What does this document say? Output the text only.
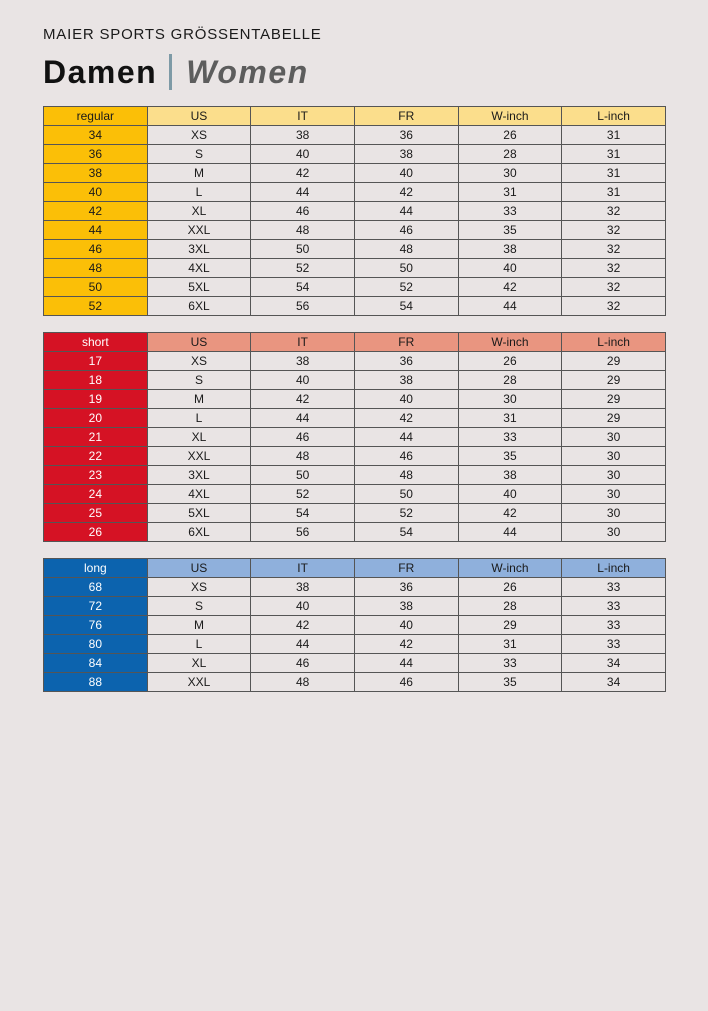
MAIER SPORTS GRÖSSENTABELLE
Damen Women
regular	US	IT	FR	W-inch	L-inch
34	XS	38	36	26	31
36	S	40	38	28	31
38	M	42	40	30	31
40	L	44	42	31	31
42	XL	46	44	33	32
44	XXL	48	46	35	32
46	3XL	50	48	38	32
48	4XL	52	50	40	32
50	5XL	54	52	42	32
52	6XL	56	54	44	32
short	US	IT	FR	W-inch	L-inch
17	XS	38	36	26	29
18	S	40	38	28	29
19	M	42	40	30	29
20	L	44	42	31	29
21	XL	46	44	33	30
22	XXL	48	46	35	30
23	3XL	50	48	38	30
24	4XL	52	50	40	30
25	5XL	54	52	42	30
26	6XL	56	54	44	30
long	US	IT	FR	W-inch	L-inch
68	XS	38	36	26	33
72	S	40	38	28	33
76	M	42	40	29	33
80	L	44	42	31	33
84	XL	46	44	33	34
88	XXL	48	46	35	34
